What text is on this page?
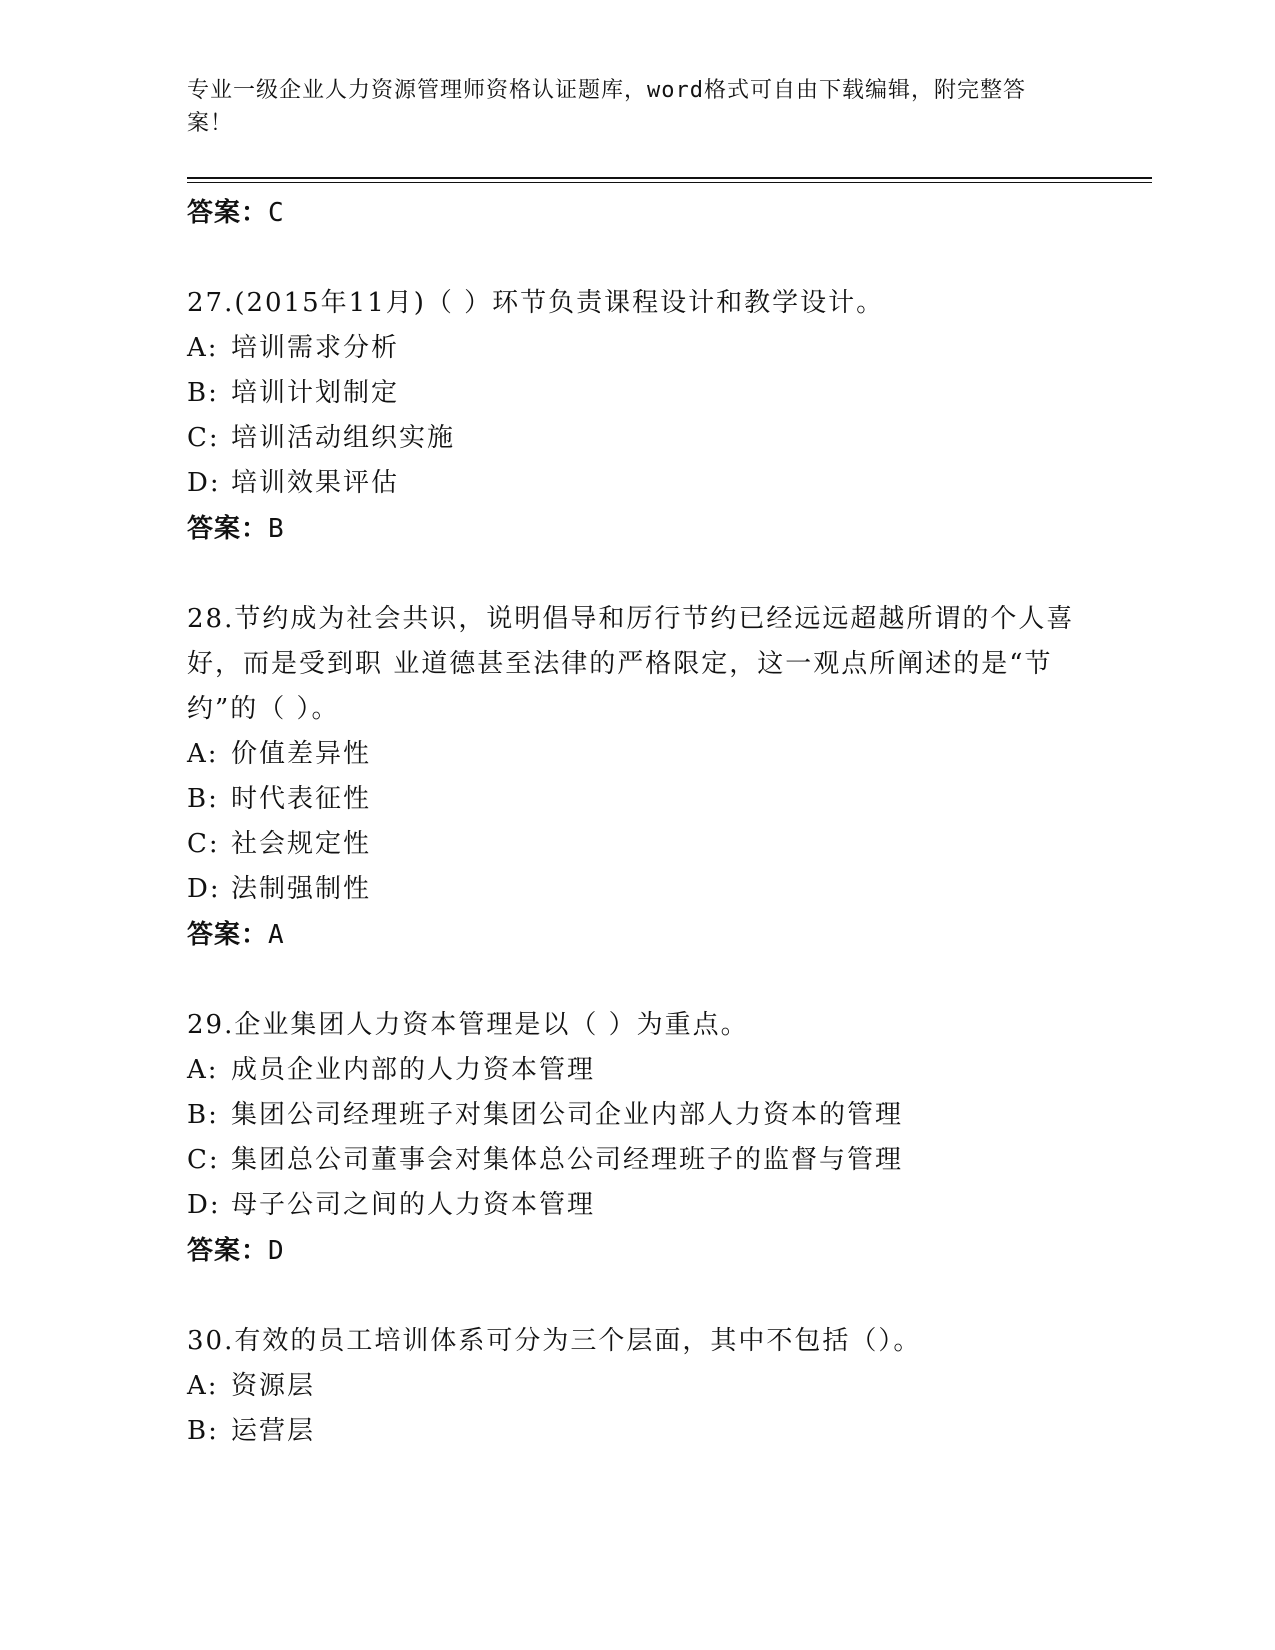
专业一级企业人力资源管理师资格认证题库，word格式可自由下载编辑，附完整答案！
答案：C
27.(2015年11月)（ ）环节负责课程设计和教学设计。
A: 培训需求分析
B: 培训计划制定
C: 培训活动组织实施
D: 培训效果评估
答案：B
28.节约成为社会共识，说明倡导和厉行节约已经远远超越所谓的个人喜好，而是受到职 业道德甚至法律的严格限定，这一观点所阐述的是“节约”的（ ）。
A: 价值差异性
B: 时代表征性
C: 社会规定性
D: 法制强制性
答案：A
29.企业集团人力资本管理是以（ ）为重点。
A: 成员企业内部的人力资本管理
B: 集团公司经理班子对集团公司企业内部人力资本的管理
C: 集团总公司董事会对集体总公司经理班子的监督与管理
D: 母子公司之间的人力资本管理
答案：D
30.有效的员工培训体系可分为三个层面，其中不包括（）。
A: 资源层
B: 运营层
